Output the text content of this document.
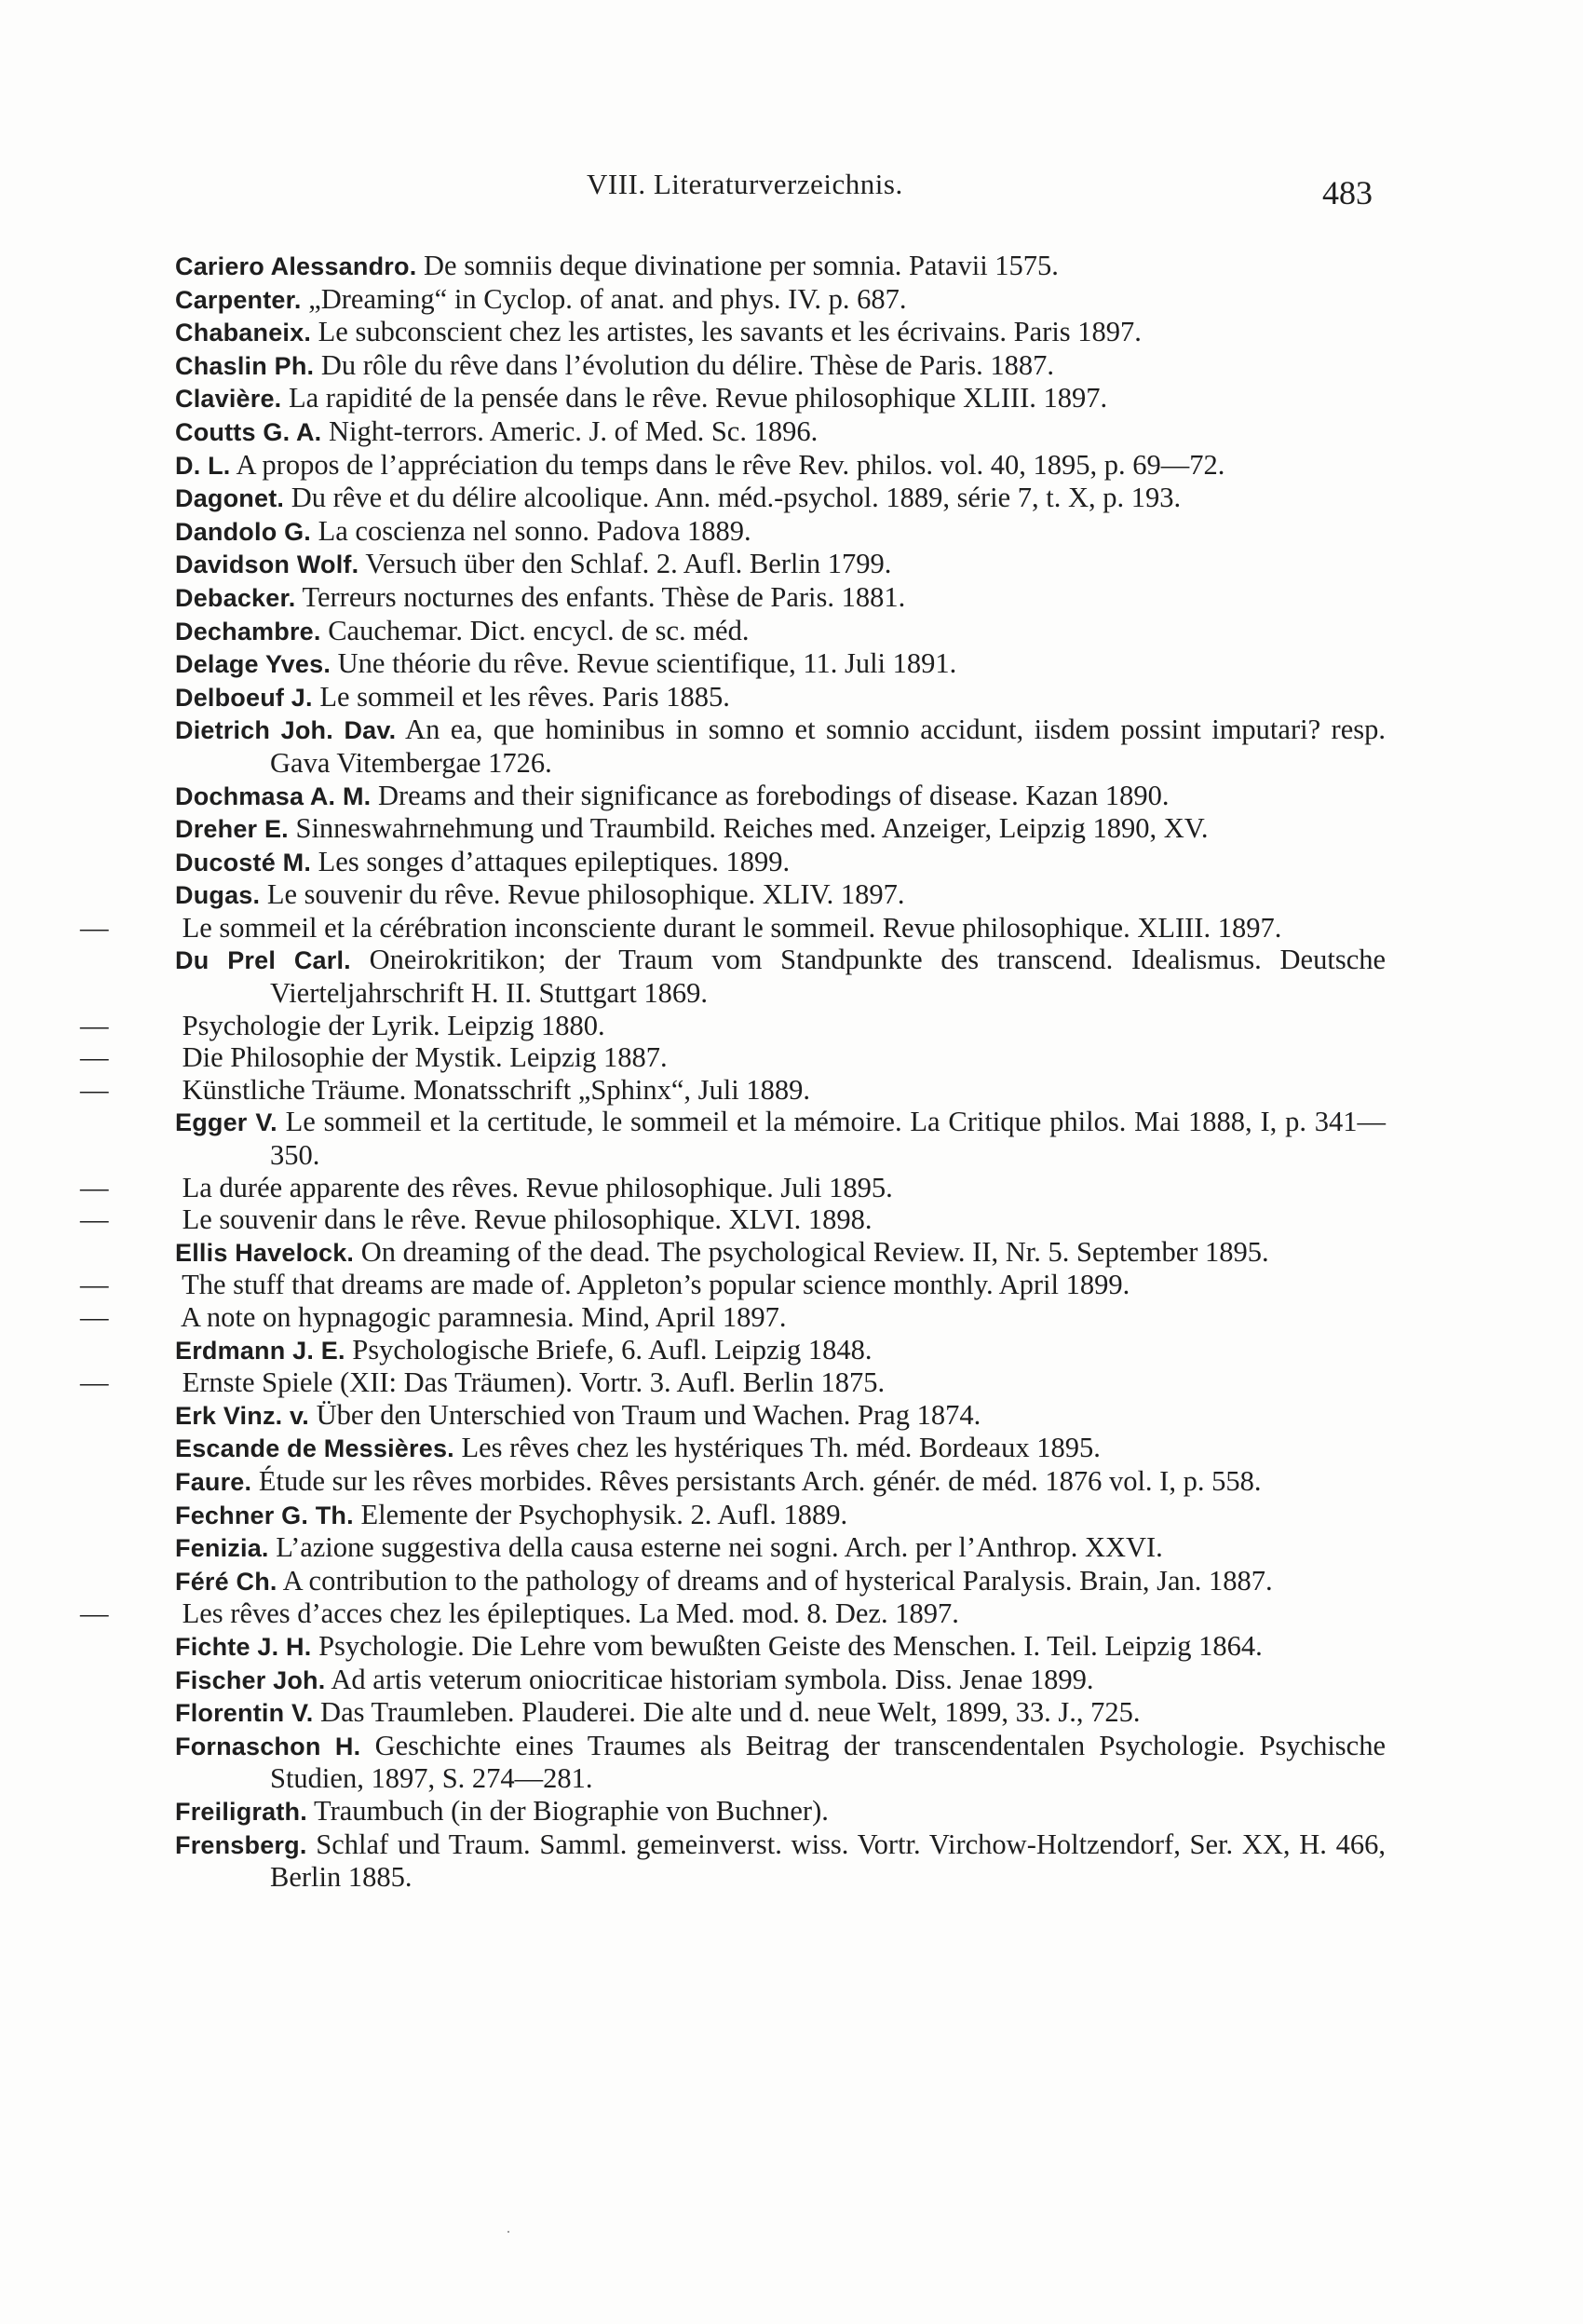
VIII. Literaturverzeichnis.	483
Cariero Alessandro. De somniis deque divinatione per somnia. Patavii 1575.
Carpenter. „Dreaming“ in Cyclop. of anat. and phys. IV. p. 687.
Chabaneix. Le subconscient chez les artistes, les savants et les écrivains. Paris 1897.
Chaslin Ph. Du rôle du rêve dans l’évolution du délire. Thèse de Paris. 1887.
Clavière. La rapidité de la pensée dans le rêve. Revue philosophique XLIII. 1897.
Coutts G. A. Night-terrors. Americ. J. of Med. Sc. 1896.
D. L. A propos de l’appréciation du temps dans le rêve Rev. philos. vol. 40, 1895, p. 69—72.
Dagonet. Du rêve et du délire alcoolique. Ann. méd.-psychol. 1889, série 7, t. X, p. 193.
Dandolo G. La coscienza nel sonno. Padova 1889.
Davidson Wolf. Versuch über den Schlaf. 2. Aufl. Berlin 1799.
Debacker. Terreurs nocturnes des enfants. Thèse de Paris. 1881.
Dechambre. Cauchemar. Dict. encycl. de sc. méd.
Delage Yves. Une théorie du rêve. Revue scientifique, 11. Juli 1891.
Delboeuf J. Le sommeil et les rêves. Paris 1885.
Dietrich Joh. Dav. An ea, que hominibus in somno et somnio accidunt, iisdem possint imputari? resp. Gava Vitembergae 1726.
Dochmasa A. M. Dreams and their significance as forebodings of disease. Kazan 1890.
Dreher E. Sinneswahrnehmung und Traumbild. Reiches med. Anzeiger, Leipzig 1890, XV.
Ducosté M. Les songes d’attaques epileptiques. 1899.
Dugas. Le souvenir du rêve. Revue philosophique. XLIV. 1897.
—	Le sommeil et la cérébration inconsciente durant le sommeil. Revue philosophique. XLIII. 1897.
Du Prel Carl. Oneirokritikon; der Traum vom Standpunkte des transcend. Idealismus. Deutsche Vierteljahrschrift H. II. Stuttgart 1869.
—	Psychologie der Lyrik. Leipzig 1880.
—	Die Philosophie der Mystik. Leipzig 1887.
—	Künstliche Träume. Monatsschrift „Sphinx“, Juli 1889.
Egger V. Le sommeil et la certitude, le sommeil et la mémoire. La Critique philos. Mai 1888, I, p. 341—350.
—	La durée apparente des rêves. Revue philosophique. Juli 1895.
—	Le souvenir dans le rêve. Revue philosophique. XLVI. 1898.
Ellis Havelock. On dreaming of the dead. The psychological Review. II, Nr. 5. September 1895.
—	The stuff that dreams are made of. Appleton’s popular science monthly. April 1899.
—	A note on hypnagogic paramnesia. Mind, April 1897.
Erdmann J. E. Psychologische Briefe, 6. Aufl. Leipzig 1848.
—	Ernste Spiele (XII: Das Träumen). Vortr. 3. Aufl. Berlin 1875.
Erk Vinz. v. Über den Unterschied von Traum und Wachen. Prag 1874.
Escande de Messières. Les rêves chez les hystériques Th. méd. Bordeaux 1895.
Faure. Étude sur les rêves morbides. Rêves persistants Arch. génér. de méd. 1876 vol. I, p. 558.
Fechner G. Th. Elemente der Psychophysik. 2. Aufl. 1889.
Fenizia. L’azione suggestiva della causa esterne nei sogni. Arch. per l’Anthrop. XXVI.
Féré Ch. A contribution to the pathology of dreams and of hysterical Paralysis. Brain, Jan. 1887.
—	Les rêves d’acces chez les épileptiques. La Med. mod. 8. Dez. 1897.
Fichte J. H. Psychologie. Die Lehre vom bewußten Geiste des Menschen. I. Teil. Leipzig 1864.
Fischer Joh. Ad artis veterum oniocriticae historiam symbola. Diss. Jenae 1899.
Florentin V. Das Traumleben. Plauderei. Die alte und d. neue Welt, 1899, 33. J., 725.
Fornaschon H. Geschichte eines Traumes als Beitrag der transcendentalen Psychologie. Psychische Studien, 1897, S. 274—281.
Freiligrath. Traumbuch (in der Biographie von Buchner).
Frensberg. Schlaf und Traum. Samml. gemeinverst. wiss. Vortr. Virchow-Holtzendorf, Ser. XX, H. 466, Berlin 1885.
